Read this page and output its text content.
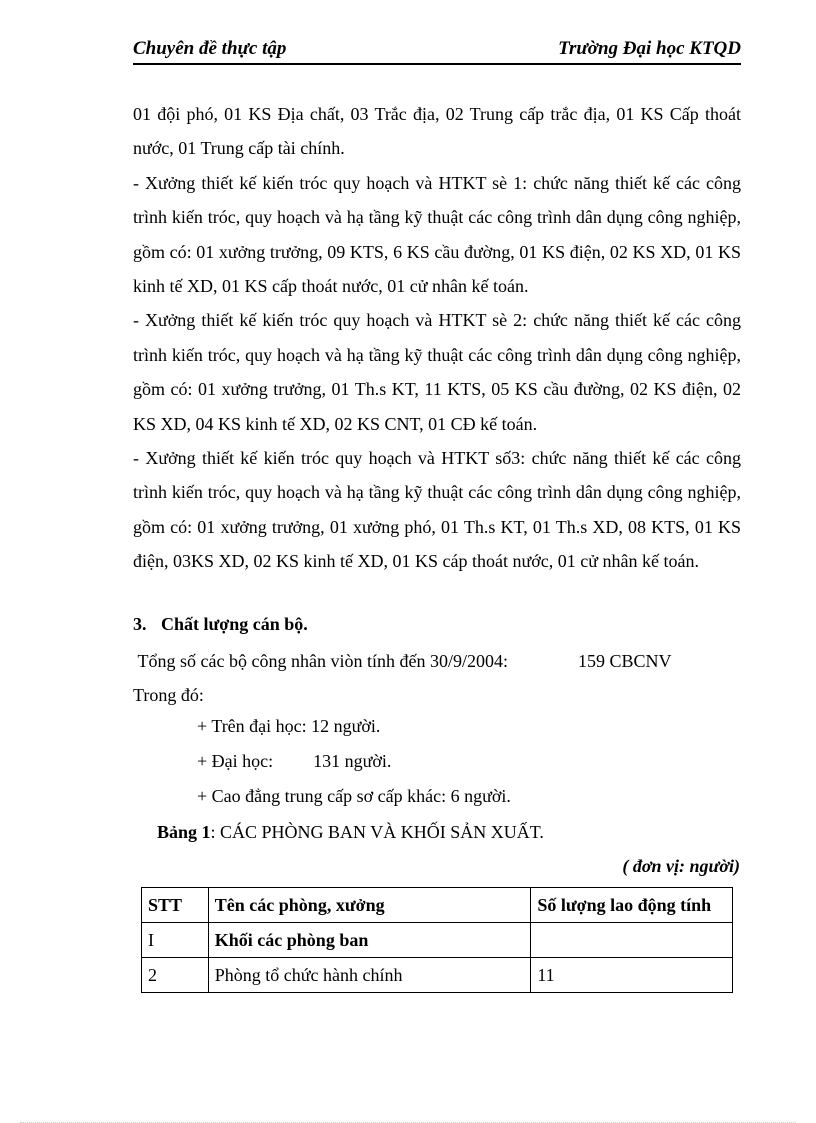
Chuyên đề thực tập	Trường Đại học KTQD

01 đội phó, 01 KS Địa chất, 03 Trắc địa, 02 Trung cấp trắc địa, 01 KS Cấp thoát nước, 01 Trung cấp tài chính.

- Xưởng thiết kế kiến tróc quy hoạch và HTKT sè 1: chức năng thiết kế các công trình kiến tróc, quy hoạch và hạ tầng kỹ thuật các công trình dân dụng công nghiệp, gồm có: 01 xưởng trưởng, 09 KTS, 6 KS cầu đường, 01 KS điện, 02 KS XD, 01 KS kinh tế XD, 01 KS cấp thoát nước, 01 cử nhân kế toán.

- Xưởng thiết kế kiến tróc quy hoạch và HTKT sè 2: chức năng thiết kế các công trình kiến tróc, quy hoạch và hạ tầng kỹ thuật các công trình dân dụng công nghiệp, gồm có: 01 xưởng trưởng, 01 Th.s KT, 11 KTS, 05 KS cầu đường, 02 KS điện, 02 KS XD, 04 KS kinh tế XD, 02 KS CNT, 01 CĐ kế toán.

- Xưởng thiết kế kiến tróc quy hoạch và HTKT số3: chức năng thiết kế các công trình kiến tróc, quy hoạch và hạ tầng kỹ thuật các công trình dân dụng công nghiệp, gồm có: 01 xưởng trưởng, 01 xưởng phó, 01 Th.s KT, 01 Th.s XD, 08 KTS, 01 KS điện, 03KS XD, 02 KS kinh tế XD, 01 KS cáp thoát nước, 01 cử nhân kế toán.

3. Chất lượng cán bộ.
Tổng số các bộ công nhân viòn tính đến 30/9/2004:	159 CBCNV
Trong đó:
+ Trên đại học: 12 người.
+ Đại học: 131 người.
+ Cao đẳng trung cấp sơ cấp khác: 6 người.
Bảng 1: CÁC PHÒNG BAN VÀ KHỐI SẢN XUẤT.
( đơn vị: người)
STT	Tên các phòng, xưởng	Số lượng lao động tính
I	Khối các phòng ban	
2	Phòng tổ chức hành chính	11
